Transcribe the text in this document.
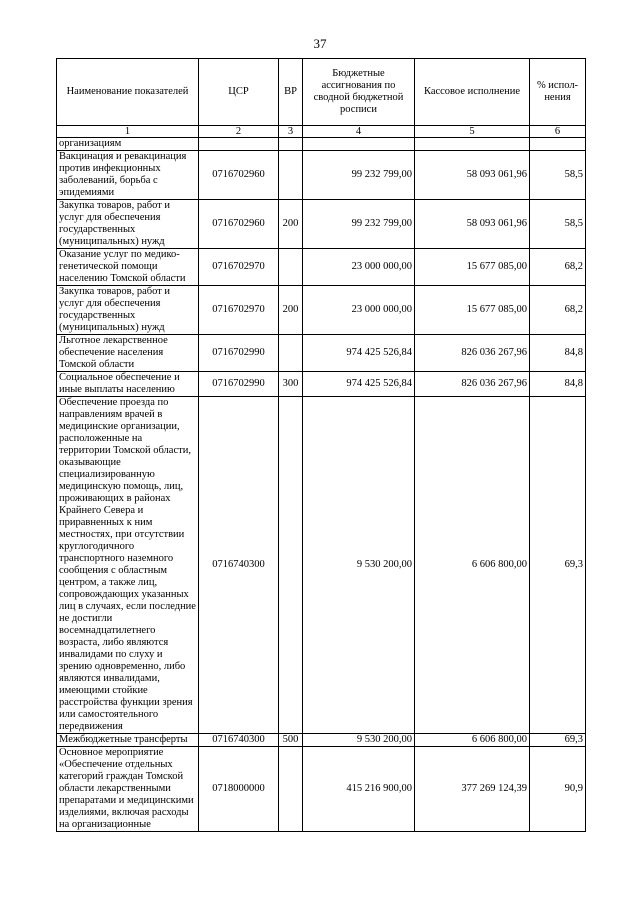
37
Наименование показателей	ЦСР	ВР	Бюджетные ассигнования по сводной бюджетной росписи	Кассовое исполнение	% испол-нения
1	2	3	4	5	6
организациям					
Вакцинация и ревакцинация против инфекционных заболеваний, борьба с эпидемиями	0716702960		99 232 799,00	58 093 061,96	58,5
Закупка товаров, работ и услуг для обеспечения государственных (муниципальных) нужд	0716702960	200	99 232 799,00	58 093 061,96	58,5
Оказание услуг по медико-генетической помощи населению Томской области	0716702970		23 000 000,00	15 677 085,00	68,2
Закупка товаров, работ и услуг для обеспечения государственных (муниципальных) нужд	0716702970	200	23 000 000,00	15 677 085,00	68,2
Льготное лекарственное обеспечение населения Томской области	0716702990		974 425 526,84	826 036 267,96	84,8
Социальное обеспечение и иные выплаты населению	0716702990	300	974 425 526,84	826 036 267,96	84,8
Обеспечение проезда по направлениям врачей в медицинские организации, расположенные на территории Томской области, оказывающие специализированную медицинскую помощь, лиц, проживающих в районах Крайнего Севера и приравненных к ним местностях, при отсутствии круглогодичного транспортного наземного сообщения с областным центром, а также лиц, сопровождающих указанных лиц в случаях, если последние не достигли восемнадцатилетнего возраста, либо являются инвалидами по слуху и зрению одновременно, либо являются инвалидами, имеющими стойкие расстройства функции зрения или самостоятельного передвижения	0716740300		9 530 200,00	6 606 800,00	69,3
Межбюджетные трансферты	0716740300	500	9 530 200,00	6 606 800,00	69,3
Основное мероприятие «Обеспечение отдельных категорий граждан Томской области лекарственными препаратами и медицинскими изделиями, включая расходы на организационные	0718000000		415 216 900,00	377 269 124,39	90,9
